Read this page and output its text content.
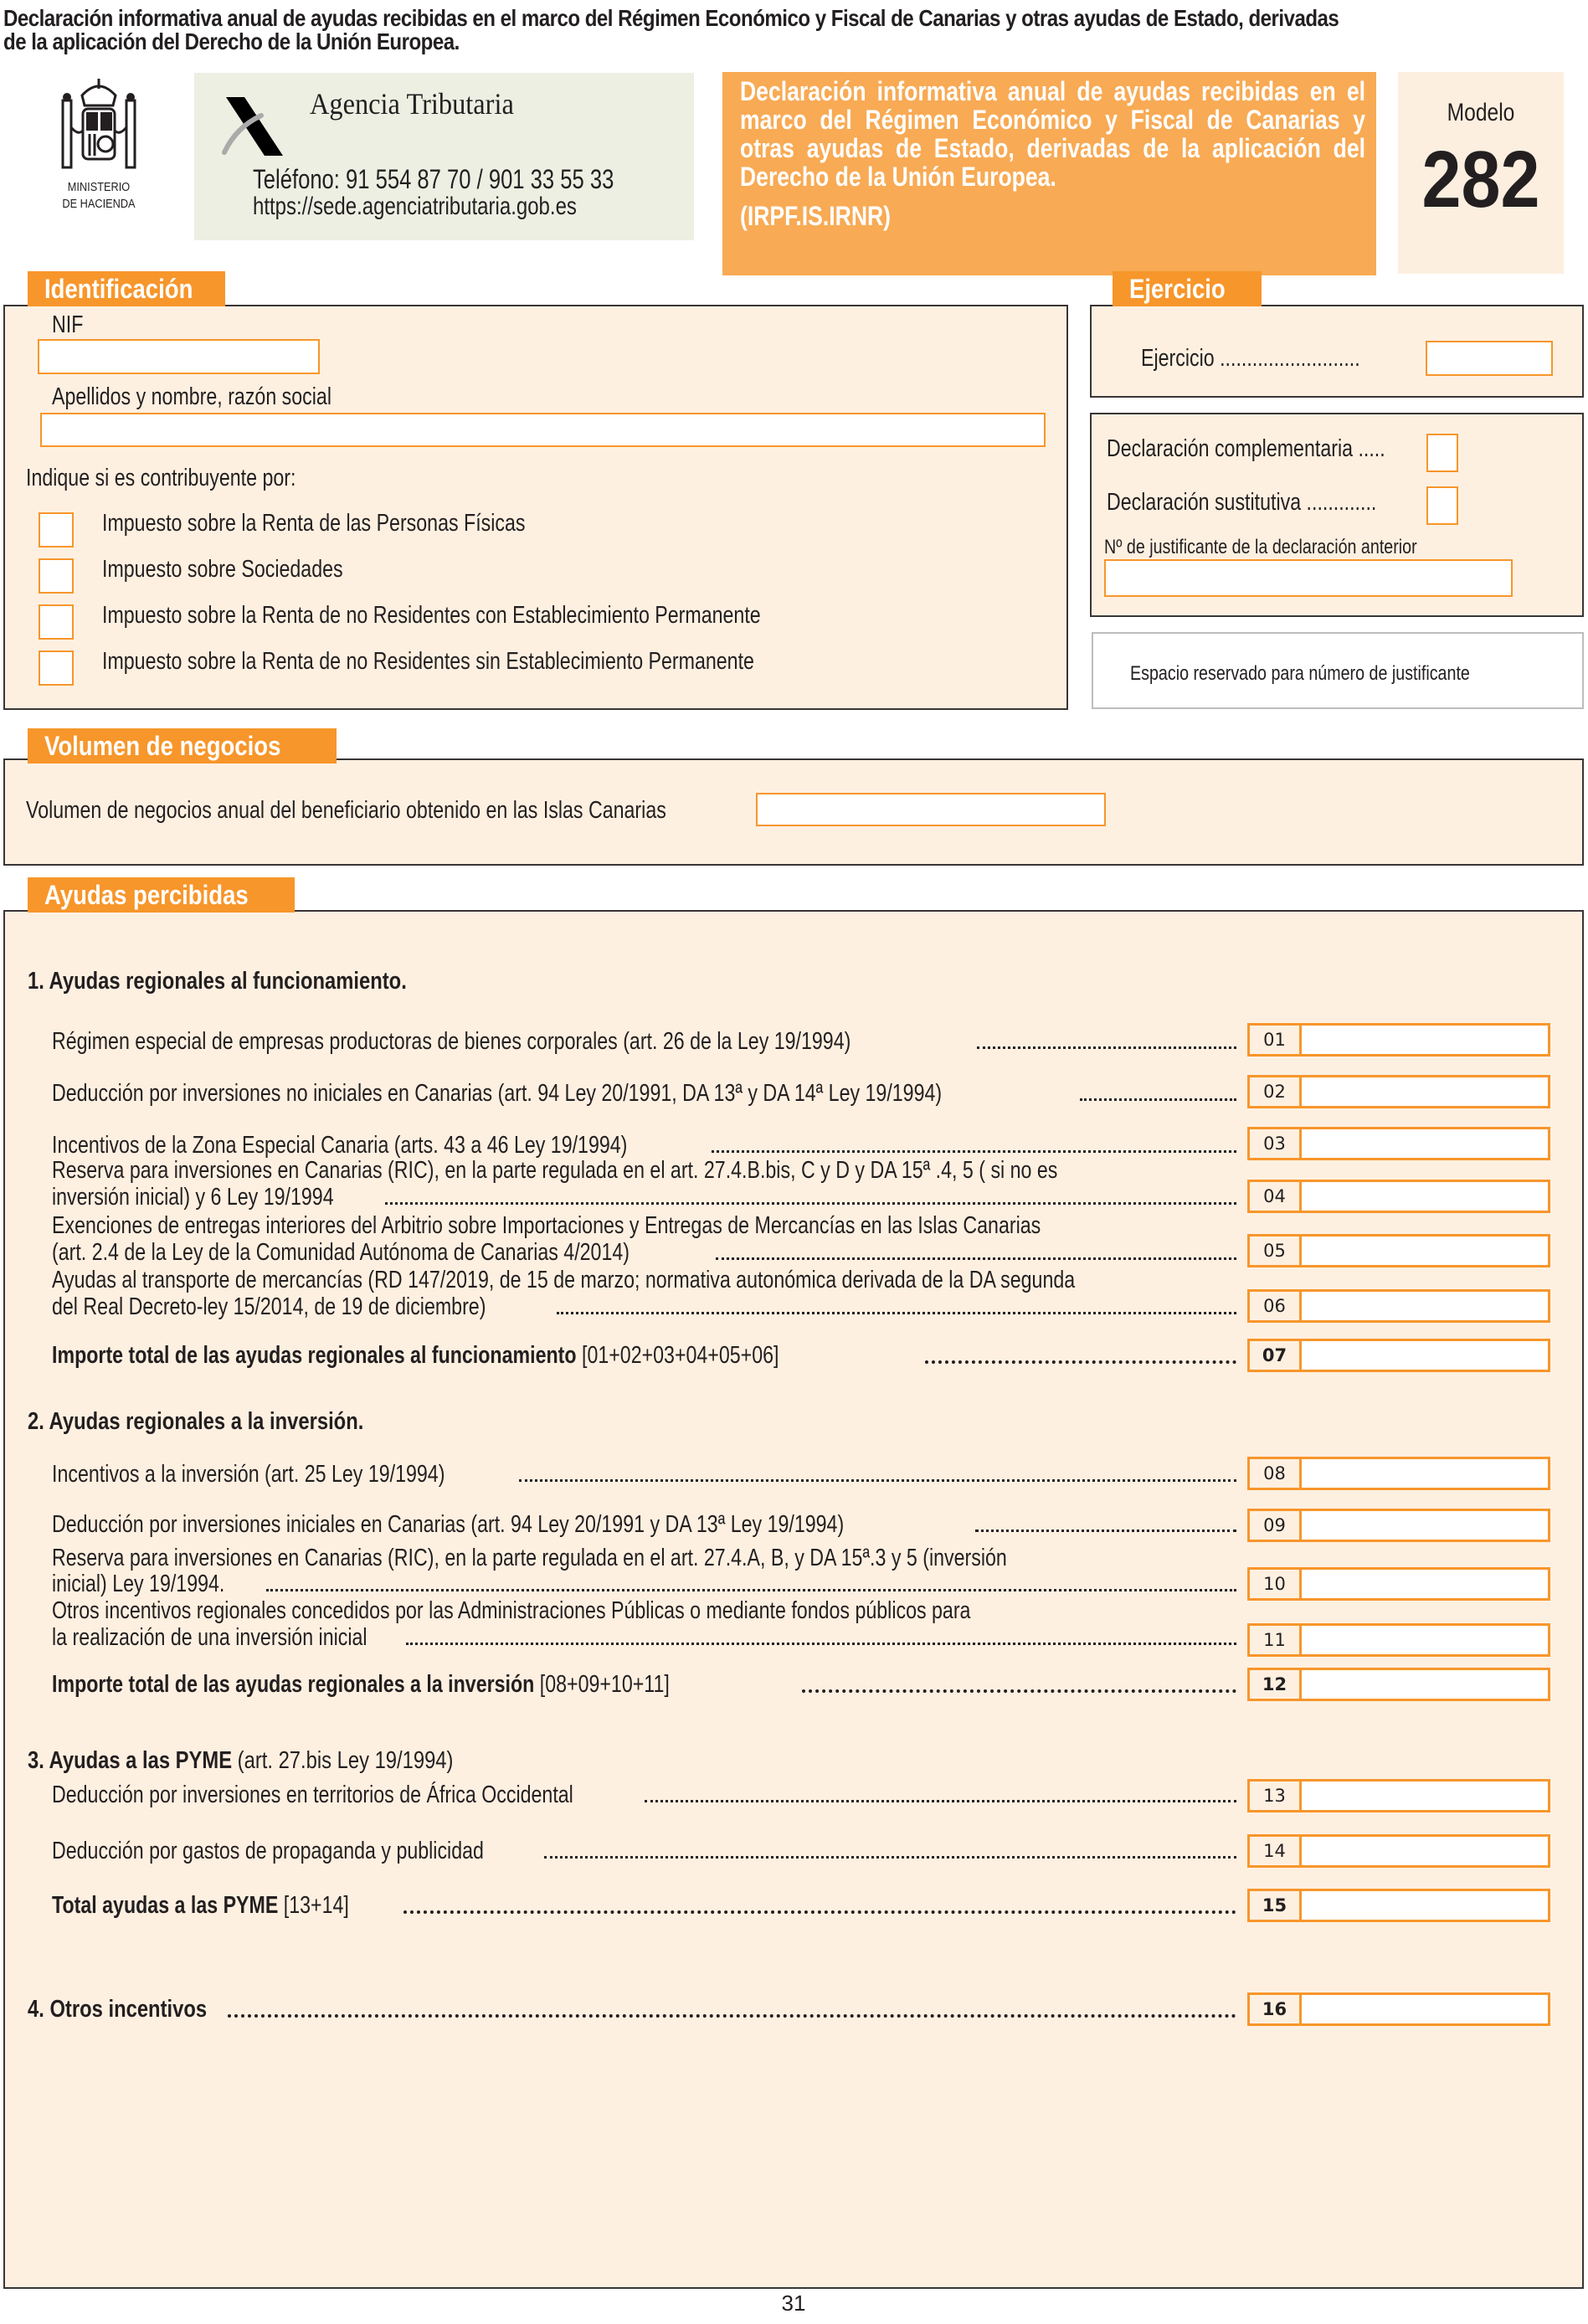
Declaración informativa anual de ayudas recibidas en el marco del Régimen Económico y Fiscal de Canarias y otras ayudas de Estado, derivadas
de la aplicación del Derecho de la Unión Europea.
MINISTERIO
DE HACIENDA
Agencia Tributaria
Teléfono: 91 554 87 70 / 901 33 55 33
https://sede.agenciatributaria.gob.es
Declaración informativa anual de ayudas recibidas en el marco del Régimen Económico y Fiscal de Canarias y otras ayudas de Estado, derivadas de la aplicación del Derecho de la Unión Europea.
(IRPF.IS.IRNR)
Modelo
282
Identificación
NIF
Apellidos y nombre, razón social
Indique si es contribuyente por:
Impuesto sobre la Renta de las Personas Físicas
Impuesto sobre Sociedades
Impuesto sobre la Renta de no Residentes con Establecimiento Permanente
Impuesto sobre la Renta de no Residentes sin Establecimiento Permanente
Ejercicio
Ejercicio ..........................
Declaración complementaria .....
Declaración sustitutiva .............
Nº de justificante de la declaración anterior
Espacio reservado para número de justificante
Volumen de negocios
Volumen de negocios anual del beneficiario obtenido en las Islas Canarias
Ayudas percibidas
1. Ayudas regionales al funcionamiento.
Régimen especial de empresas productoras de bienes corporales (art. 26 de la Ley 19/1994)	01
Deducción por inversiones no iniciales en Canarias (art. 94 Ley 20/1991, DA 13ª y DA 14ª Ley 19/1994)	02
Incentivos de la Zona Especial Canaria (arts. 43 a 46 Ley 19/1994)	03
Reserva para inversiones en Canarias (RIC), en la parte regulada en el art. 27.4.B.bis, C y D y DA 15ª .4, 5 ( si no es
inversión inicial) y 6 Ley 19/1994	04
Exenciones de entregas interiores del Arbitrio sobre Importaciones y Entregas de Mercancías en las Islas Canarias
(art. 2.4 de la Ley de la Comunidad Autónoma de Canarias 4/2014)	05
Ayudas al transporte de mercancías (RD 147/2019, de 15 de marzo; normativa autonómica derivada de la DA segunda
del Real Decreto-ley 15/2014, de 19 de diciembre)	06
Importe total de las ayudas regionales al funcionamiento [01+02+03+04+05+06]	07
2. Ayudas regionales a la inversión.
Incentivos a la inversión (art. 25 Ley 19/1994)	08
Deducción por inversiones iniciales en Canarias (art. 94 Ley 20/1991 y DA 13ª Ley 19/1994)	09
Reserva para inversiones en Canarias (RIC), en la parte regulada en el art. 27.4.A, B, y DA 15ª.3 y 5 (inversión
inicial) Ley 19/1994.	10
Otros incentivos regionales concedidos por las Administraciones Públicas o mediante fondos públicos para
la realización de una inversión inicial	11
Importe total de las ayudas regionales a la inversión [08+09+10+11]	12
3. Ayudas a las PYME (art. 27.bis Ley 19/1994)
Deducción por inversiones en territorios de África Occidental	13
Deducción por gastos de propaganda y publicidad	14
Total ayudas a las PYME [13+14]	15
4. Otros incentivos	16
31
